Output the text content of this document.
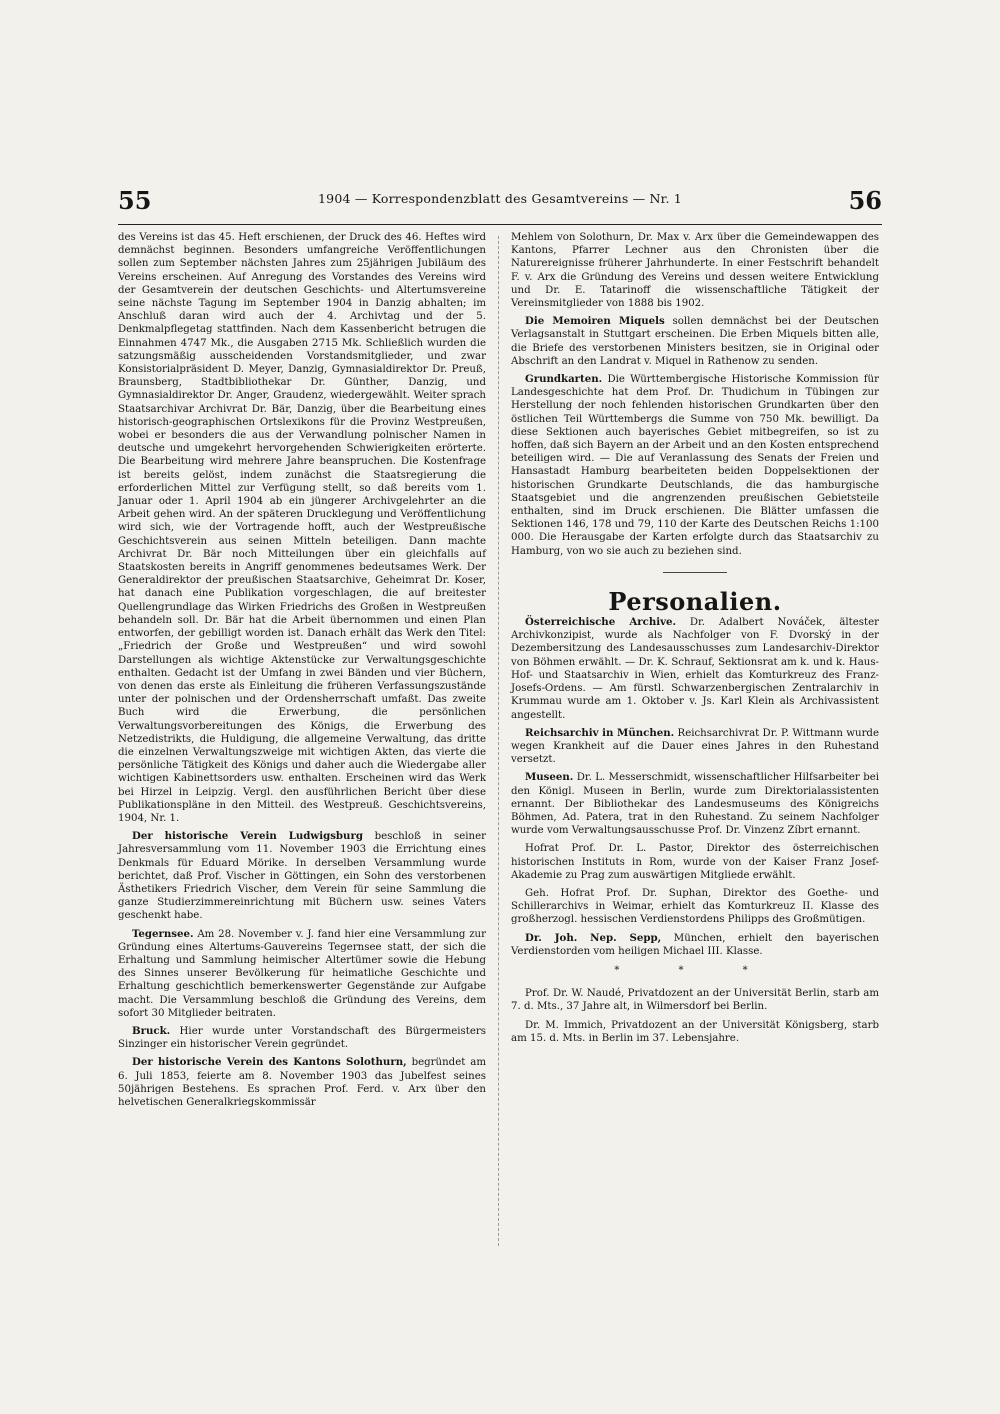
55	1904 — Korrespondenzblatt des Gesamtvereins — Nr. 1	56

des Vereins ist das 45. Heft erschienen, der Druck des 46. Heftes wird demnächst beginnen. Besonders umfangreiche Veröffentlichungen sollen zum September nächsten Jahres zum 25jährigen Jubiläum des Vereins erscheinen. Auf Anregung des Vorstandes des Vereins wird der Gesamtverein der deutschen Geschichts- und Altertumsvereine seine nächste Tagung im September 1904 in Danzig abhalten; im Anschluß daran wird auch der 4. Archivtag und der 5. Denkmalpflegetag stattfinden. Nach dem Kassenbericht betrugen die Einnahmen 4747 Mk., die Ausgaben 2715 Mk. Schließlich wurden die satzungsmäßig ausscheidenden Vorstandsmitglieder, und zwar Konsistorialpräsident D. Meyer, Danzig, Gymnasialdirektor Dr. Preuß, Braunsberg, Stadtbibliothekar Dr. Günther, Danzig, und Gymnasialdirektor Dr. Anger, Graudenz, wiedergewählt. Weiter sprach Staatsarchivar Archivrat Dr. Bär, Danzig, über die Bearbeitung eines historisch-geographischen Ortslexikons für die Provinz Westpreußen, wobei er besonders die aus der Verwandlung polnischer Namen in deutsche und umgekehrt hervorgehenden Schwierigkeiten erörterte. Die Bearbeitung wird mehrere Jahre beanspruchen. Die Kostenfrage ist bereits gelöst, indem zunächst die Staatsregierung die erforderlichen Mittel zur Verfügung stellt, so daß bereits vom 1. Januar oder 1. April 1904 ab ein jüngerer Archivgelehrter an die Arbeit gehen wird. An der späteren Drucklegung und Veröffentlichung wird sich, wie der Vortragende hofft, auch der Westpreußische Geschichtsverein aus seinen Mitteln beteiligen. Dann machte Archivrat Dr. Bär noch Mitteilungen über ein gleichfalls auf Staatskosten bereits in Angriff genommenes bedeutsames Werk. Der Generaldirektor der preußischen Staatsarchive, Geheimrat Dr. Koser, hat danach eine Publikation vorgeschlagen, die auf breitester Quellengrundlage das Wirken Friedrichs des Großen in Westpreußen behandeln soll. Dr. Bär hat die Arbeit übernommen und einen Plan entworfen, der gebilligt worden ist. Danach erhält das Werk den Titel: „Friedrich der Große und Westpreußen“ und wird sowohl Darstellungen als wichtige Aktenstücke zur Verwaltungsgeschichte enthalten. Gedacht ist der Umfang in zwei Bänden und vier Büchern, von denen das erste als Einleitung die früheren Verfassungszustände unter der polnischen und der Ordensherrschaft umfaßt. Das zweite Buch wird die Erwerbung, die persönlichen Verwaltungsvorbereitungen des Königs, die Erwerbung des Netzedistrikts, die Huldigung, die allgemeine Verwaltung, das dritte die einzelnen Verwaltungszweige mit wichtigen Akten, das vierte die persönliche Tätigkeit des Königs und daher auch die Wiedergabe aller wichtigen Kabinettsorders usw. enthalten. Erscheinen wird das Werk bei Hirzel in Leipzig. Vergl. den ausführlichen Bericht über diese Publikationspläne in den Mitteil. des Westpreuß. Geschichtsvereins, 1904, Nr. 1.

Der historische Verein Ludwigsburg beschloß in seiner Jahresversammlung vom 11. November 1903 die Errichtung eines Denkmals für Eduard Mörike. In derselben Versammlung wurde berichtet, daß Prof. Vischer in Göttingen, ein Sohn des verstorbenen Ästhetikers Friedrich Vischer, dem Verein für seine Sammlung die ganze Studierzimmereinrichtung mit Büchern usw. seines Vaters geschenkt habe.

Tegernsee. Am 28. November v. J. fand hier eine Versammlung zur Gründung eines Altertums-Gauvereins Tegernsee statt, der sich die Erhaltung und Sammlung heimischer Altertümer sowie die Hebung des Sinnes unserer Bevölkerung für heimatliche Geschichte und Erhaltung geschichtlich bemerkenswerter Gegenstände zur Aufgabe macht. Die Versammlung beschloß die Gründung des Vereins, dem sofort 30 Mitglieder beitraten.

Bruck. Hier wurde unter Vorstandschaft des Bürgermeisters Sinzinger ein historischer Verein gegründet.

Der historische Verein des Kantons Solothurn, begründet am 6. Juli 1853, feierte am 8. November 1903 das Jubelfest seines 50jährigen Bestehens. Es sprachen Prof. Ferd. v. Arx über den helvetischen Generalkriegskommissär

Mehlem von Solothurn, Dr. Max v. Arx über die Gemeindewappen des Kantons, Pfarrer Lechner aus den Chronisten über die Naturereignisse früherer Jahrhunderte. In einer Festschrift behandelt F. v. Arx die Gründung des Vereins und dessen weitere Entwicklung und Dr. E. Tatarinoff die wissenschaftliche Tätigkeit der Vereinsmitglieder von 1888 bis 1902.

Die Memoiren Miquels sollen demnächst bei der Deutschen Verlagsanstalt in Stuttgart erscheinen. Die Erben Miquels bitten alle, die Briefe des verstorbenen Ministers besitzen, sie in Original oder Abschrift an den Landrat v. Miquel in Rathenow zu senden.

Grundkarten. Die Württembergische Historische Kommission für Landesgeschichte hat dem Prof. Dr. Thudichum in Tübingen zur Herstellung der noch fehlenden historischen Grundkarten über den östlichen Teil Württembergs die Summe von 750 Mk. bewilligt. Da diese Sektionen auch bayerisches Gebiet mitbegreifen, so ist zu hoffen, daß sich Bayern an der Arbeit und an den Kosten entsprechend beteiligen wird. — Die auf Veranlassung des Senats der Freien und Hansastadt Hamburg bearbeiteten beiden Doppelsektionen der historischen Grundkarte Deutschlands, die das hamburgische Staatsgebiet und die angrenzenden preußischen Gebietsteile enthalten, sind im Druck erschienen. Die Blätter umfassen die Sektionen 146, 178 und 79, 110 der Karte des Deutschen Reichs 1:100 000. Die Herausgabe der Karten erfolgte durch das Staatsarchiv zu Hamburg, von wo sie auch zu beziehen sind.

Personalien.

Österreichische Archive. Dr. Adalbert Nováček, ältester Archivkonzipist, wurde als Nachfolger von F. Dvorský in der Dezembersitzung des Landesausschusses zum Landesarchiv-Direktor von Böhmen erwählt. — Dr. K. Schrauf, Sektionsrat am k. und k. Haus-Hof- und Staatsarchiv in Wien, erhielt das Komturkreuz des Franz-Josefs-Ordens. — Am fürstl. Schwarzenbergischen Zentralarchiv in Krummau wurde am 1. Oktober v. Js. Karl Klein als Archivassistent angestellt.

Reichsarchiv in München. Reichsarchivrat Dr. P. Wittmann wurde wegen Krankheit auf die Dauer eines Jahres in den Ruhestand versetzt.

Museen. Dr. L. Messerschmidt, wissenschaftlicher Hilfsarbeiter bei den Königl. Museen in Berlin, wurde zum Direktorialassistenten ernannt. Der Bibliothekar des Landesmuseums des Königreichs Böhmen, Ad. Patera, trat in den Ruhestand. Zu seinem Nachfolger wurde vom Verwaltungsausschusse Prof. Dr. Vinzenz Zíbrt ernannt.

Hofrat Prof. Dr. L. Pastor, Direktor des österreichischen historischen Instituts in Rom, wurde von der Kaiser Franz Josef-Akademie zu Prag zum auswärtigen Mitgliede erwählt.

Geh. Hofrat Prof. Dr. Suphan, Direktor des Goethe- und Schillerarchivs in Weimar, erhielt das Komturkreuz II. Klasse des großherzogl. hessischen Verdienstordens Philipps des Großmütigen.

Dr. Joh. Nep. Sepp, München, erhielt den bayerischen Verdienstorden vom heiligen Michael III. Klasse.

* * *

Prof. Dr. W. Naudé, Privatdozent an der Universität Berlin, starb am 7. d. Mts., 37 Jahre alt, in Wilmersdorf bei Berlin.

Dr. M. Immich, Privatdozent an der Universität Königsberg, starb am 15. d. Mts. in Berlin im 37. Lebensjahre.
